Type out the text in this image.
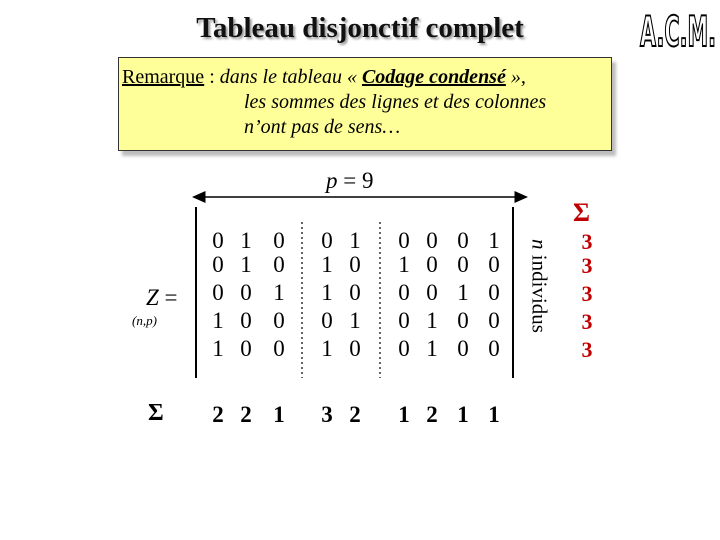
Tableau disjonctif complet	A.C.M.
Remarque : dans le tableau « Codage condensé »,
les sommes des lignes et des colonnes
n’ont pas de sens…
p = 9
Z =
(n,p)
0 1 0 0 1 0 0 0 1
0 1 0 1 0 1 0 0 0
0 0 1 1 0 0 0 1 0
1 0 0 0 1 0 1 0 0
1 0 0 1 0 0 1 0 0
Σ 2 2 1 3 2 1 2 1 1
n individus
Σ
3
3
3
3
3
